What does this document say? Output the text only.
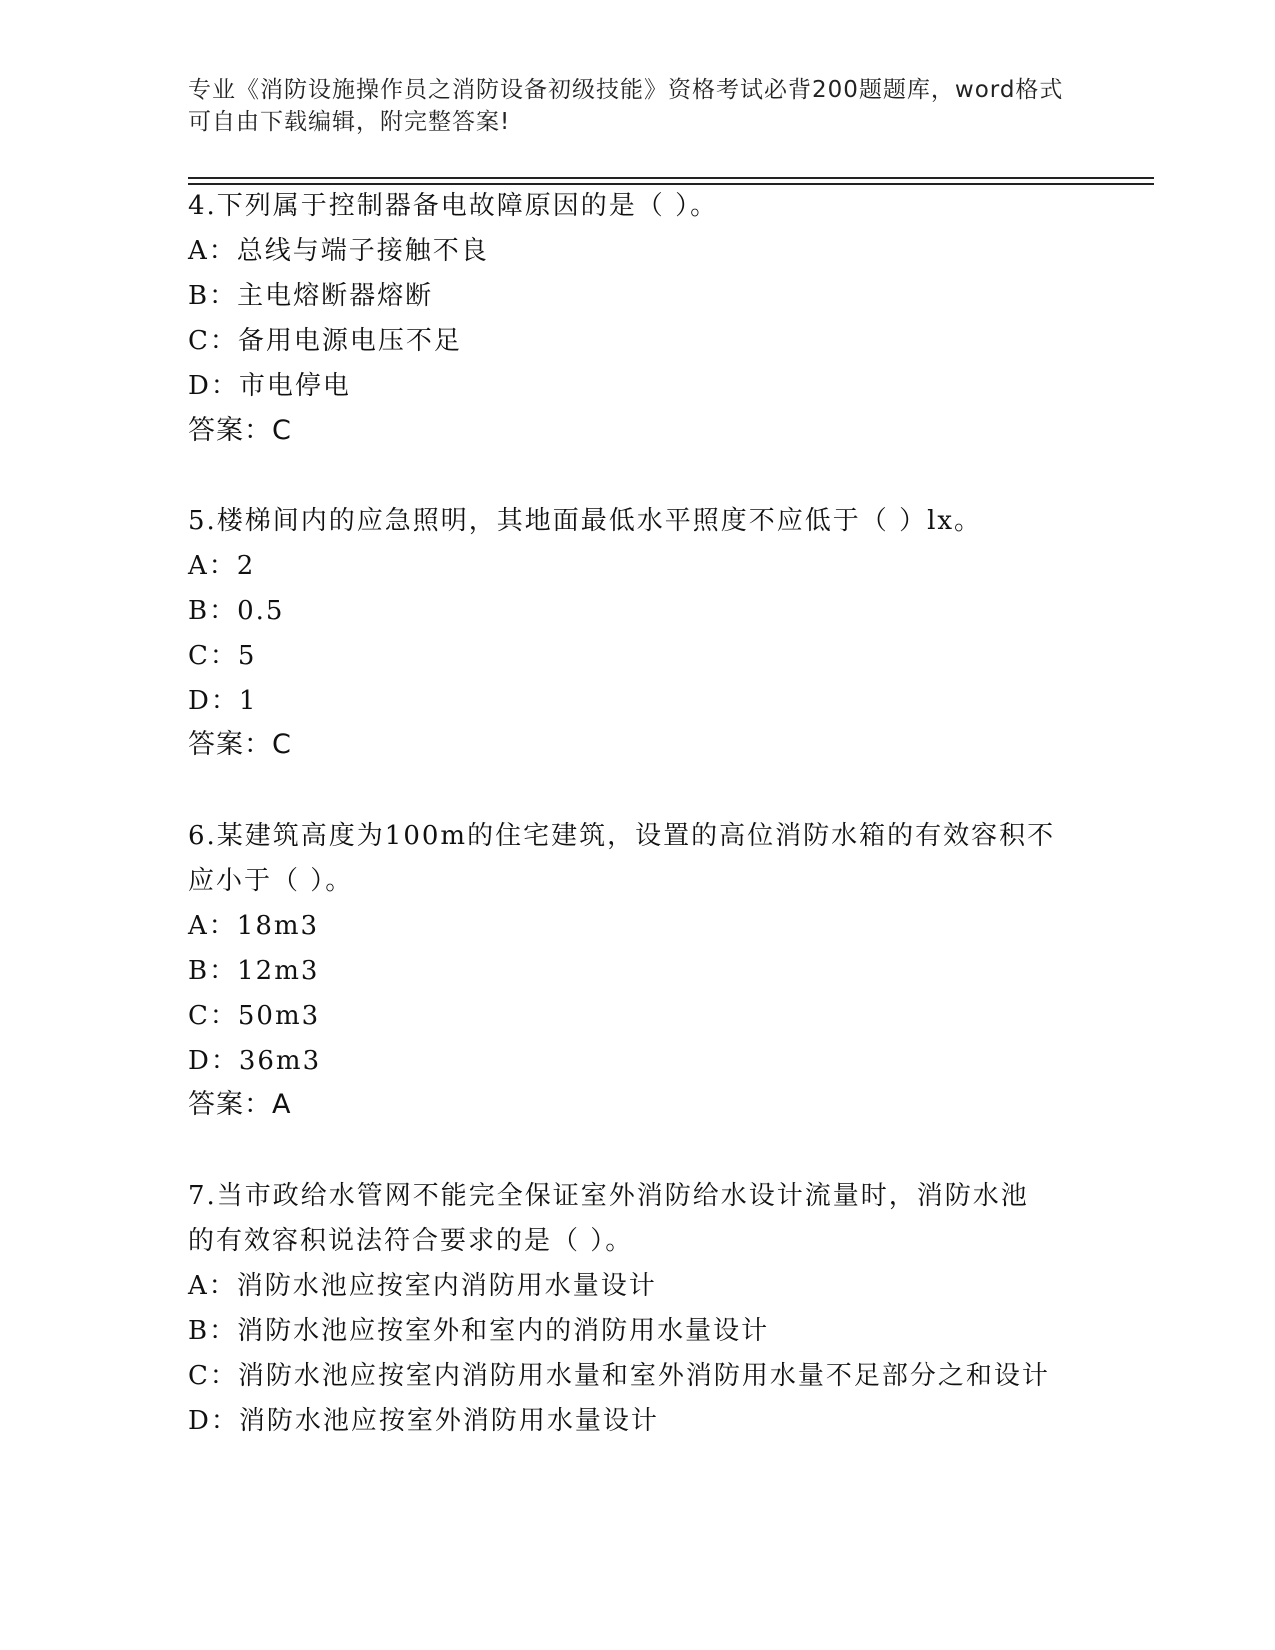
专业《消防设施操作员之消防设备初级技能》资格考试必背200题题库，word格式可自由下载编辑，附完整答案!
4.下列属于控制器备电故障原因的是（ ）。
A：总线与端子接触不良
B：主电熔断器熔断
C：备用电源电压不足
D：市电停电
答案：C
5.楼梯间内的应急照明，其地面最低水平照度不应低于（ ）lx。
A：2
B：0.5
C：5
D：1
答案：C
6.某建筑高度为100m的住宅建筑，设置的高位消防水箱的有效容积不
应小于（ ）。
A：18m3
B：12m3
C：50m3
D：36m3
答案：A
7.当市政给水管网不能完全保证室外消防给水设计流量时，消防水池
的有效容积说法符合要求的是（ ）。
A：消防水池应按室内消防用水量设计
B：消防水池应按室外和室内的消防用水量设计
C：消防水池应按室内消防用水量和室外消防用水量不足部分之和设计
D：消防水池应按室外消防用水量设计
